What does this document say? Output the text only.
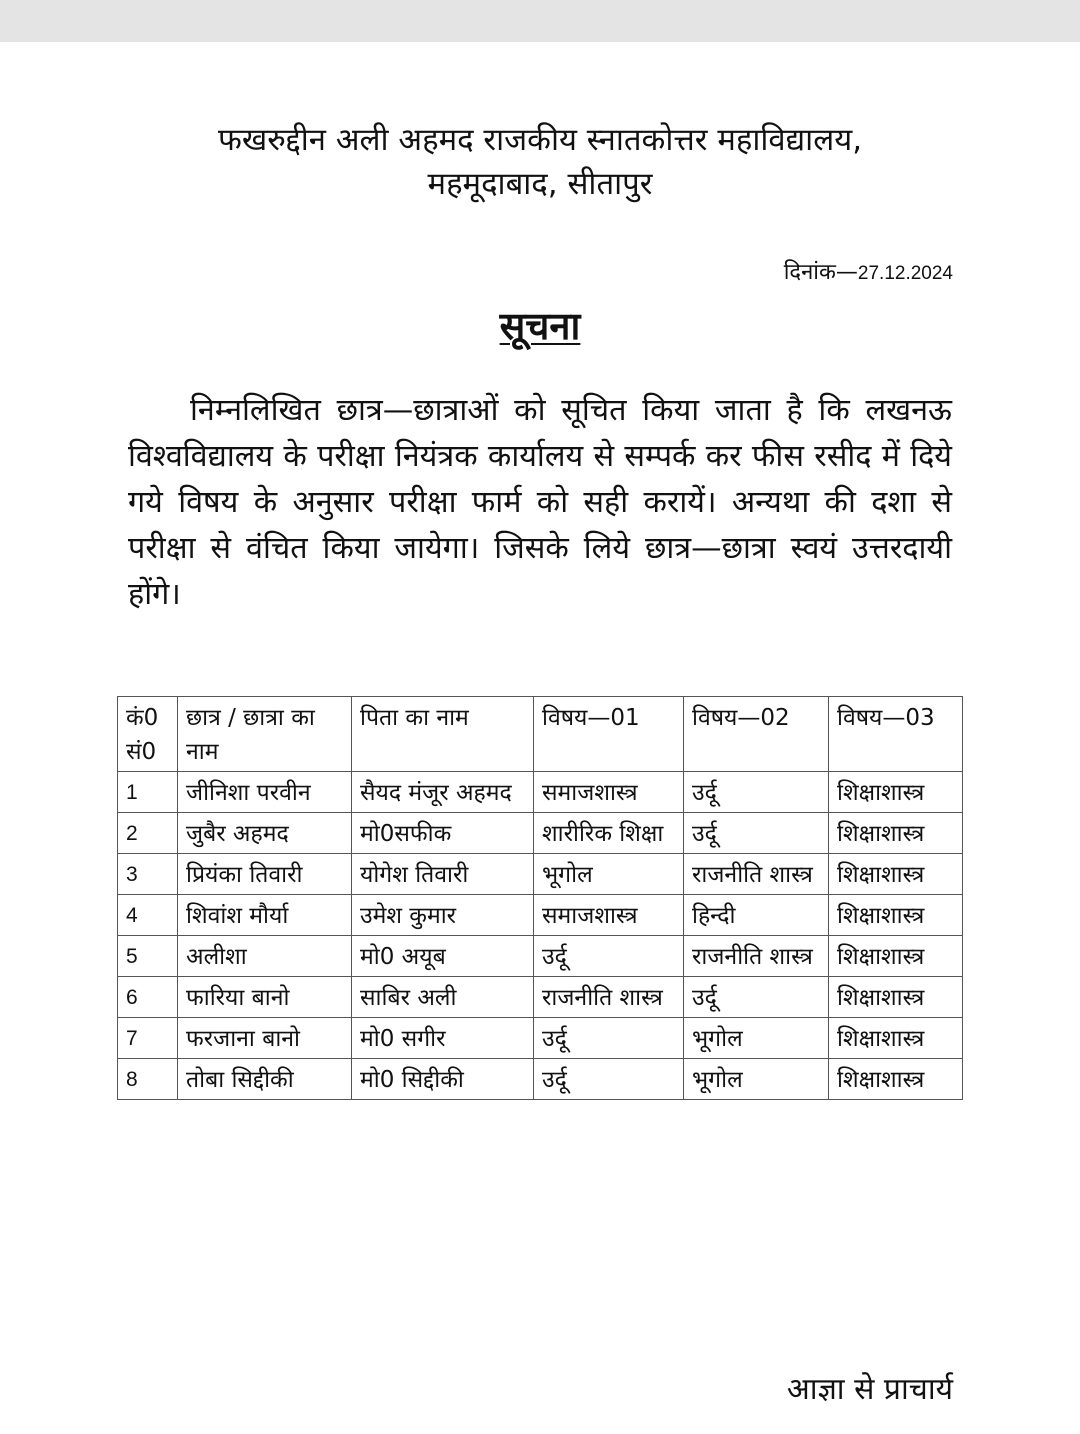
फखरुद्दीन अली अहमद राजकीय स्नातकोत्तर महाविद्यालय,
महमूदाबाद, सीतापुर
दिनांक—27.12.2024
सूचना
निम्नलिखित छात्र—छात्राओं को सूचित किया जाता है कि लखनऊ विश्वविद्यालय के परीक्षा नियंत्रक कार्यालय से सम्पर्क कर फीस रसीद में दिये गये विषय के अनुसार परीक्षा फार्म को सही करायें। अन्यथा की दशा से परीक्षा से वंचित किया जायेगा। जिसके लिये छात्र—छात्रा स्वयं उत्तरदायी होंगे।
कं0 सं0	छात्र / छात्रा का नाम	पिता का नाम	विषय—01	विषय—02	विषय—03
1	जीनिशा परवीन	सैयद मंजूर अहमद	समाजशास्त्र	उर्दू	शिक्षाशास्त्र
2	जुबैर अहमद	मो0सफीक	शारीरिक शिक्षा	उर्दू	शिक्षाशास्त्र
3	प्रियंका तिवारी	योगेश तिवारी	भूगोल	राजनीति शास्त्र	शिक्षाशास्त्र
4	शिवांश मौर्या	उमेश कुमार	समाजशास्त्र	हिन्दी	शिक्षाशास्त्र
5	अलीशा	मो0 अयूब	उर्दू	राजनीति शास्त्र	शिक्षाशास्त्र
6	फारिया बानो	साबिर अली	राजनीति शास्त्र	उर्दू	शिक्षाशास्त्र
7	फरजाना बानो	मो0 सगीर	उर्दू	भूगोल	शिक्षाशास्त्र
8	तोबा सिद्दीकी	मो0 सिद्दीकी	उर्दू	भूगोल	शिक्षाशास्त्र
आज्ञा से प्राचार्य
